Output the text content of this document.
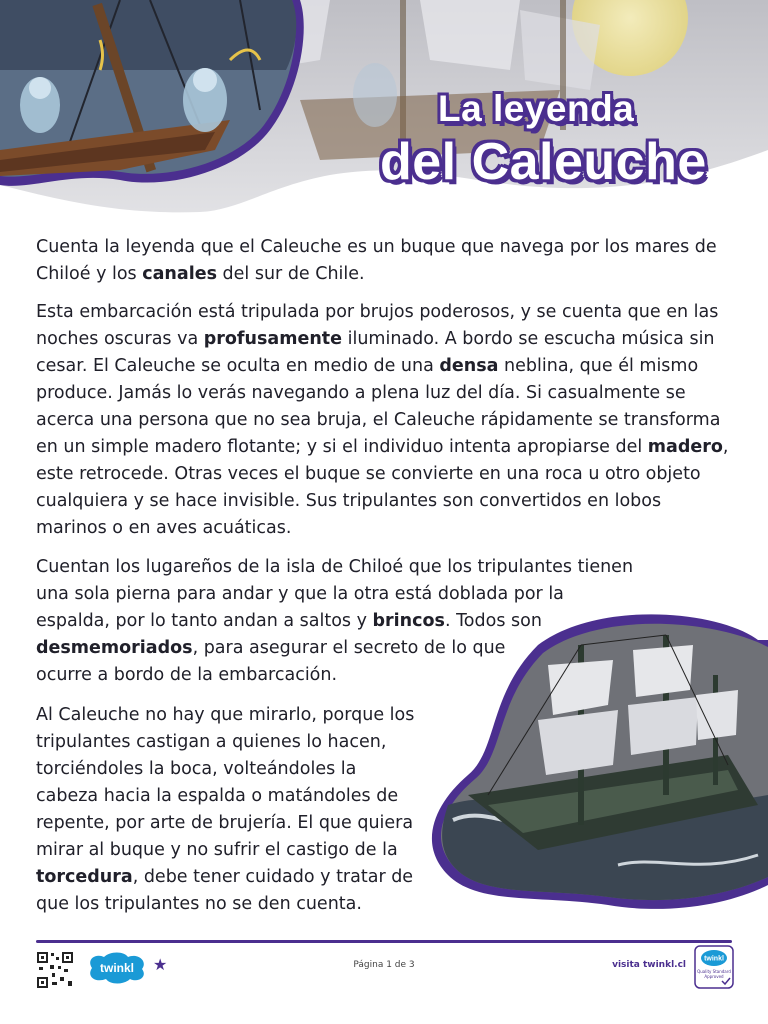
La leyenda
del Caleuche

Cuenta la leyenda que el Caleuche es un buque que navega por los mares de Chiloé y los canales del sur de Chile.

Esta embarcación está tripulada por brujos poderosos, y se cuenta que en las noches oscuras va profusamente iluminado. A bordo se escucha música sin cesar. El Caleuche se oculta en medio de una densa neblina, que él mismo produce. Jamás lo verás navegando a plena luz del día. Si casualmente se acerca una persona que no sea bruja, el Caleuche rápidamente se transforma en un simple madero flotante; y si el individuo intenta apropiarse del madero, este retrocede. Otras veces el buque se convierte en una roca u otro objeto cualquiera y se hace invisible. Sus tripulantes son convertidos en lobos marinos o en aves acuáticas.

Cuentan los lugareños de la isla de Chiloé que los tripulantes tienen
una sola pierna para andar y que la otra está doblada por la
espalda, por lo tanto andan a saltos y brincos. Todos son
desmemoriados, para asegurar el secreto de lo que
ocurre a bordo de la embarcación.

Al Caleuche no hay que mirarlo, porque los
tripulantes castigan a quienes lo hacen,
torciéndoles la boca, volteándoles la
cabeza hacia la espalda o matándoles de
repente, por arte de brujería. El que quiera
mirar al buque y no sufrir el castigo de la
torcedura, debe tener cuidado y tratar de
que los tripulantes no se den cuenta.

twinkl ★	Página 1 de 3	visita twinkl.cl
twinkl
Quality Standard Approved
